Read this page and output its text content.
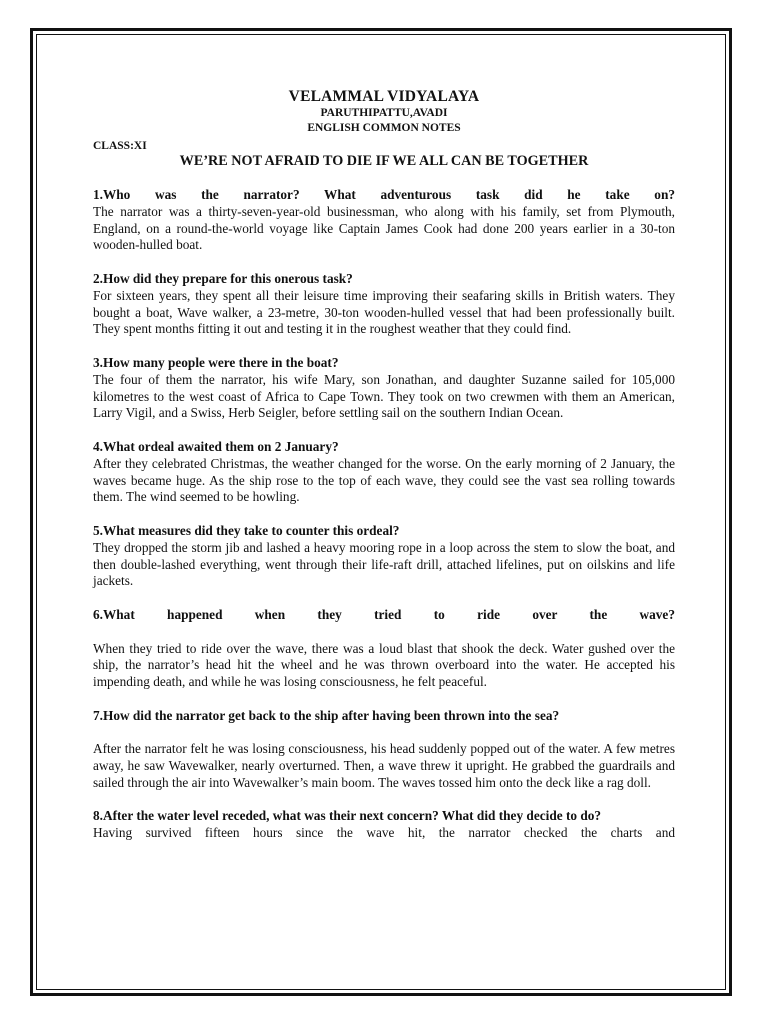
VELAMMAL VIDYALAYA
PARUTHIPATTU,AVADI
ENGLISH COMMON NOTES
CLASS:XI
WE’RE NOT AFRAID TO DIE IF WE ALL CAN BE TOGETHER
1.Who was the narrator? What adventurous task did he take on?
The narrator was a thirty-seven-year-old businessman, who along with his family, set from Plymouth, England, on a round-the-world voyage like Captain James Cook had done 200 years earlier in a 30-ton wooden-hulled boat.
2.How did they prepare for this onerous task?
For sixteen years, they spent all their leisure time improving their seafaring skills in British waters. They bought a boat, Wave walker, a 23-metre, 30-ton wooden-hulled vessel that had been professionally built. They spent months fitting it out and testing it in the roughest weather that they could find.
3.How many people were there in the boat?
The four of them the narrator, his wife Mary, son Jonathan, and daughter Suzanne sailed for 105,000 kilometres to the west coast of Africa to Cape Town. They took on two crewmen with them an American, Larry Vigil, and a Swiss, Herb Seigler, before settling sail on the southern Indian Ocean.
4.What ordeal awaited them on 2 January?
After they celebrated Christmas, the weather changed for the worse. On the early morning of 2 January, the waves became huge. As the ship rose to the top of each wave, they could see the vast sea rolling towards them. The wind seemed to be howling.
5.What measures did they take to counter this ordeal?
They dropped the storm jib and lashed a heavy mooring rope in a loop across the stem to slow the boat, and then double-lashed everything, went through their life-raft drill, attached lifelines, put on oilskins and life jackets.
6.What happened when they tried to ride over the wave?
When they tried to ride over the wave, there was a loud blast that shook the deck. Water gushed over the ship, the narrator’s head hit the wheel and he was thrown overboard into the water. He accepted his impending death, and while he was losing consciousness, he felt peaceful.
7.How did the narrator get back to the ship after having been thrown into the sea?
After the narrator felt he was losing consciousness, his head suddenly popped out of the water. A few metres away, he saw Wavewalker, nearly overturned. Then, a wave threw it upright. He grabbed the guardrails and sailed through the air into Wavewalker’s main boom. The waves tossed him onto the deck like a rag doll.
8.After the water level receded, what was their next concern? What did they decide to do?
Having survived fifteen hours since the wave hit, the narrator checked the charts and
